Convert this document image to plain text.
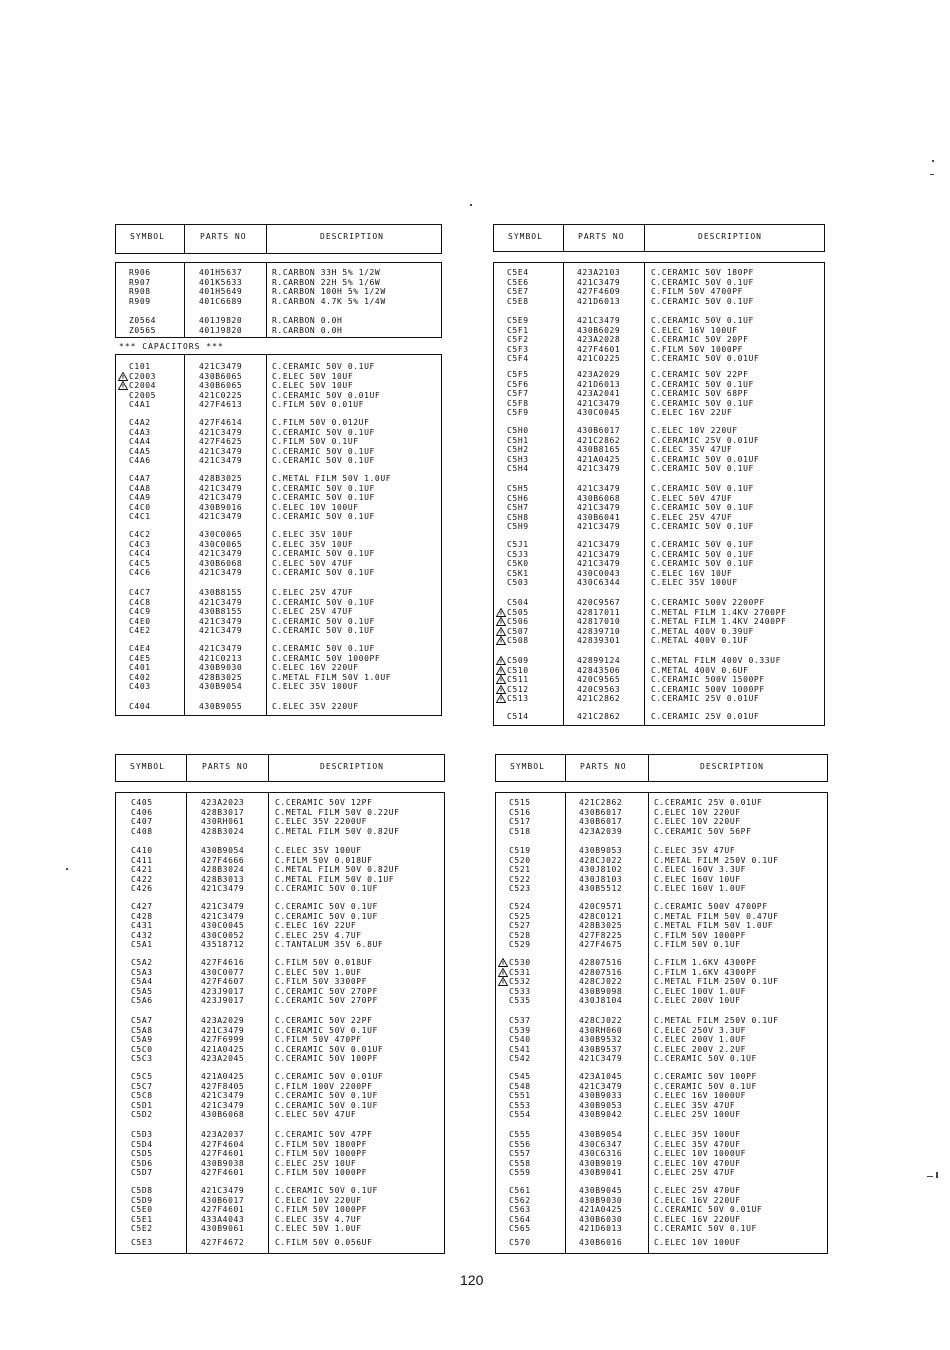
SYMBOL	PARTS NO	DESCRIPTION
*** CAPACITORS ***
R906	401H5637	R.CARBON 33H 5% 1/2W
R907	401K5633	R.CARBON 22H 5% 1/6W
R908	401H5649	R.CARBON 100H 5% 1/2W
R909	401C6689	R.CARBON 4.7K 5% 1/4W
Z0564	401J9820	R.CARBON 0.0H
Z0565	401J9820	R.CARBON 0.0H
C101	421C3479	C.CERAMIC 50V 0.1UF
C2003	430B6065	C.ELEC 50V 10UF
C2004	430B6065	C.ELEC 50V 10UF
C2005	421C0225	C.CERAMIC 50V 0.01UF
C4A1	427F4613	C.FILM 50V 0.01UF
C4A2	427F4614	C.FILM 50V 0.012UF
C4A3	421C3479	C.CERAMIC 50V 0.1UF
C4A4	427F4625	C.FILM 50V 0.1UF
C4A5	421C3479	C.CERAMIC 50V 0.1UF
C4A6	421C3479	C.CERAMIC 50V 0.1UF
C4A7	428B3025	C.METAL FILM 50V 1.0UF
C4A8	421C3479	C.CERAMIC 50V 0.1UF
C4A9	421C3479	C.CERAMIC 50V 0.1UF
C4C0	430B9016	C.ELEC 10V 100UF
C4C1	421C3479	C.CERAMIC 50V 0.1UF
C4C2	430C0065	C.ELEC 35V 10UF
C4C3	430C0065	C.ELEC 35V 10UF
C4C4	421C3479	C.CERAMIC 50V 0.1UF
C4C5	430B6068	C.ELEC 50V 47UF
C4C6	421C3479	C.CERAMIC 50V 0.1UF
C4C7	430B8155	C.ELEC 25V 47UF
C4C8	421C3479	C.CERAMIC 50V 0.1UF
C4C9	430B8155	C.ELEC 25V 47UF
C4E0	421C3479	C.CERAMIC 50V 0.1UF
C4E2	421C3479	C.CERAMIC 50V 0.1UF
C4E4	421C3479	C.CERAMIC 50V 0.1UF
C4E5	421C0213	C.CERAMIC 50V 1000PF
C401	430B9030	C.ELEC 16V 220UF
C402	428B3025	C.METAL FILM 50V 1.0UF
C403	430B9054	C.ELEC 35V 100UF
C404	430B9055	C.ELEC 35V 220UF
SYMBOL	PARTS NO	DESCRIPTION
C5E4	423A2103	C.CERAMIC 50V 180PF
C5E6	421C3479	C.CERAMIC 50V 0.1UF
C5E7	427F4609	C.FILM 50V 4700PF
C5E8	421D6013	C.CERAMIC 50V 0.1UF
C5E9	421C3479	C.CERAMIC 50V 0.1UF
C5F1	430B6029	C.ELEC 16V 100UF
C5F2	423A2028	C.CERAMIC 50V 20PF
C5F3	427F4601	C.FILM 50V 1000PF
C5F4	421C0225	C.CERAMIC 50V 0.01UF
C5F5	423A2029	C.CERAMIC 50V 22PF
C5F6	421D6013	C.CERAMIC 50V 0.1UF
C5F7	423A2041	C.CERAMIC 50V 68PF
C5F8	421C3479	C.CERAMIC 50V 0.1UF
C5F9	430C0045	C.ELEC 16V 22UF
C5H0	430B6017	C.ELEC 10V 220UF
C5H1	421C2862	C.CERAMIC 25V 0.01UF
C5H2	430B8165	C.ELEC 35V 47UF
C5H3	421A0425	C.CERAMIC 50V 0.01UF
C5H4	421C3479	C.CERAMIC 50V 0.1UF
C5H5	421C3479	C.CERAMIC 50V 0.1UF
C5H6	430B6068	C.ELEC 50V 47UF
C5H7	421C3479	C.CERAMIC 50V 0.1UF
C5H8	430B6041	C.ELEC 25V 47UF
C5H9	421C3479	C.CERAMIC 50V 0.1UF
C5J1	421C3479	C.CERAMIC 50V 0.1UF
C5J3	421C3479	C.CERAMIC 50V 0.1UF
C5K0	421C3479	C.CERAMIC 50V 0.1UF
C5K1	430C0043	C.ELEC 16V 10UF
C503	430C6344	C.ELEC 35V 100UF
C504	420C9567	C.CERAMIC 500V 2200PF
C505	42817011	C.METAL FILM 1.4KV 2700PF
C506	42817010	C.METAL FILM 1.4KV 2400PF
C507	42839710	C.METAL 400V 0.39UF
C508	42839301	C.METAL 400V 0.1UF
C509	42899124	C.METAL FILM 400V 0.33UF
C510	42843506	C.METAL 400V 0.6UF
C511	420C9565	C.CERAMIC 500V 1500PF
C512	420C9563	C.CERAMIC 500V 1000PF
C513	421C2862	C.CERAMIC 25V 0.01UF
C514	421C2862	C.CERAMIC 25V 0.01UF
SYMBOL	PARTS NO	DESCRIPTION
C405	423A2023	C.CERAMIC 50V 12PF
C406	428B3017	C.METAL FILM 50V 0.22UF
C407	430RH061	C.ELEC 35V 2200UF
C408	428B3024	C.METAL FILM 50V 0.82UF
C410	430B9054	C.ELEC 35V 100UF
C411	427F4666	C.FILM 50V 0.018UF
C421	428B3024	C.METAL FILM 50V 0.82UF
C422	428B3013	C.METAL FILM 50V 0.1UF
C426	421C3479	C.CERAMIC 50V 0.1UF
C427	421C3479	C.CERAMIC 50V 0.1UF
C428	421C3479	C.CERAMIC 50V 0.1UF
C431	430C0045	C.ELEC 16V 22UF
C432	430C0052	C.ELEC 25V 4.7UF
C5A1	43518712	C.TANTALUM 35V 6.8UF
C5A2	427F4616	C.FILM 50V 0.018UF
C5A3	430C0077	C.ELEC 50V 1.0UF
C5A4	427F4607	C.FILM 50V 3300PF
C5A5	423J9017	C.CERAMIC 50V 270PF
C5A6	423J9017	C.CERAMIC 50V 270PF
C5A7	423A2029	C.CERAMIC 50V 22PF
C5A8	421C3479	C.CERAMIC 50V 0.1UF
C5A9	427F6999	C.FILM 50V 470PF
C5C0	421A0425	C.CERAMIC 50V 0.01UF
C5C3	423A2045	C.CERAMIC 50V 100PF
C5C5	421A0425	C.CERAMIC 50V 0.01UF
C5C7	427F8405	C.FILM 100V 2200PF
C5C8	421C3479	C.CERAMIC 50V 0.1UF
C5D1	421C3479	C.CERAMIC 50V 0.1UF
C5D2	430B6068	C.ELEC 50V 47UF
C5D3	423A2037	C.CERAMIC 50V 47PF
C5D4	427F4604	C.FILM 50V 1800PF
C5D5	427F4601	C.FILM 50V 1000PF
C5D6	430B9038	C.ELEC 25V 10UF
C5D7	427F4601	C.FILM 50V 1000PF
C5D8	421C3479	C.CERAMIC 50V 0.1UF
C5D9	430B6017	C.ELEC 10V 220UF
C5E0	427F4601	C.FILM 50V 1000PF
C5E1	433A4043	C.ELEC 35V 4.7UF
C5E2	430B9061	C.ELEC 50V 1.0UF
C5E3	427F4672	C.FILM 50V 0.056UF
SYMBOL	PARTS NO	DESCRIPTION
C515	421C2862	C.CERAMIC 25V 0.01UF
C516	430B6017	C.ELEC 10V 220UF
C517	430B6017	C.ELEC 10V 220UF
C518	423A2039	C.CERAMIC 50V 56PF
C519	430B9053	C.ELEC 35V 47UF
C520	428CJ022	C.METAL FILM 250V 0.1UF
C521	430J8102	C.ELEC 160V 3.3UF
C522	430J8103	C.ELEC 160V 10UF
C523	430B5512	C.ELEC 160V 1.0UF
C524	420C9571	C.CERAMIC 500V 4700PF
C525	428C0121	C.METAL FILM 50V 0.47UF
C527	428B3025	C.METAL FILM 50V 1.0UF
C528	427F8225	C.FILM 50V 1000PF
C529	427F4675	C.FILM 50V 0.1UF
C530	42807516	C.FILM 1.6KV 4300PF
C531	42807516	C.FILM 1.6KV 4300PF
C532	428CJ022	C.METAL FILM 250V 0.1UF
C533	430B9098	C.ELEC 100V 1.0UF
C535	430J8104	C.ELEC 200V 10UF
C537	428CJ022	C.METAL FILM 250V 0.1UF
C539	430RH060	C.ELEC 250V 3.3UF
C540	430B9532	C.ELEC 200V 1.0UF
C541	430B9537	C.ELEC 200V 2.2UF
C542	421C3479	C.CERAMIC 50V 0.1UF
C545	423A1045	C.CERAMIC 50V 100PF
C548	421C3479	C.CERAMIC 50V 0.1UF
C551	430B9033	C.ELEC 16V 1000UF
C553	430B9053	C.ELEC 35V 47UF
C554	430B9042	C.ELEC 25V 100UF
C555	430B9054	C.ELEC 35V 100UF
C556	430C6347	C.ELEC 35V 470UF
C557	430C6316	C.ELEC 10V 1000UF
C558	430B9019	C.ELEC 10V 470UF
C559	430B9041	C.ELEC 25V 47UF
C561	430B9045	C.ELEC 25V 470UF
C562	430B9030	C.ELEC 16V 220UF
C563	421A0425	C.CERAMIC 50V 0.01UF
C564	430B6030	C.ELEC 16V 220UF
C565	421D6013	C.CERAMIC 50V 0.1UF
C570	430B6016	C.ELEC 10V 100UF
120
